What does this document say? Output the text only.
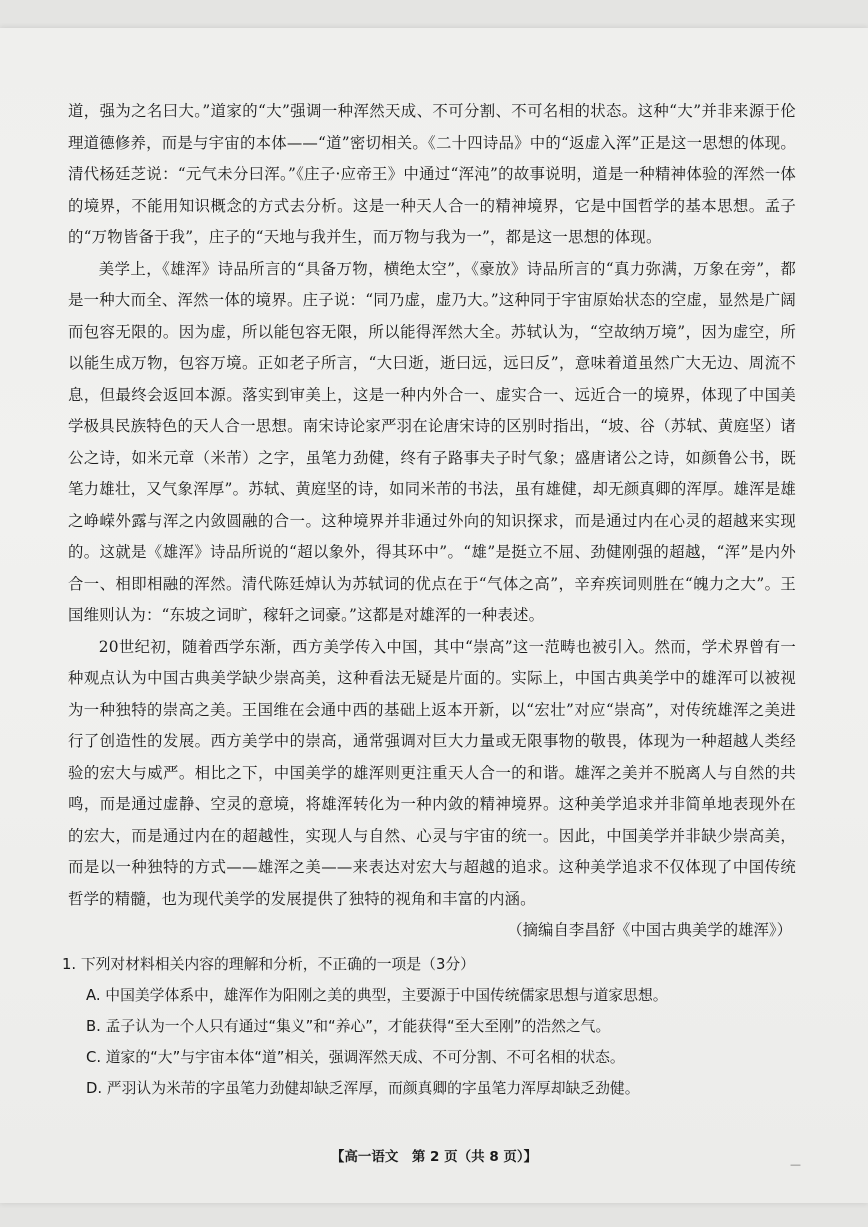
道，强为之名曰大。”道家的“大”强调一种浑然天成、不可分割、不可名相的状态。这种“大”并非来源于伦理道德修养，而是与宇宙的本体——“道”密切相关。《二十四诗品》中的“返虚入浑”正是这一思想的体现。清代杨廷芝说：“元气未分曰浑。”《庄子·应帝王》中通过“浑沌”的故事说明，道是一种精神体验的浑然一体的境界，不能用知识概念的方式去分析。这是一种天人合一的精神境界，它是中国哲学的基本思想。孟子的“万物皆备于我”，庄子的“天地与我并生，而万物与我为一”，都是这一思想的体现。

美学上，《雄浑》诗品所言的“具备万物，横绝太空”，《豪放》诗品所言的“真力弥满，万象在旁”，都是一种大而全、浑然一体的境界。庄子说：“同乃虚，虚乃大。”这种同于宇宙原始状态的空虚，显然是广阔而包容无限的。因为虚，所以能包容无限，所以能得浑然大全。苏轼认为，“空故纳万境”，因为虚空，所以能生成万物，包容万境。正如老子所言，“大曰逝，逝曰远，远曰反”，意味着道虽然广大无边、周流不息，但最终会返回本源。落实到审美上，这是一种内外合一、虚实合一、远近合一的境界，体现了中国美学极具民族特色的天人合一思想。南宋诗论家严羽在论唐宋诗的区别时指出，“坡、谷（苏轼、黄庭坚）诸公之诗，如米元章（米芾）之字，虽笔力劲健，终有子路事夫子时气象；盛唐诸公之诗，如颜鲁公书，既笔力雄壮，又气象浑厚”。苏轼、黄庭坚的诗，如同米芾的书法，虽有雄健，却无颜真卿的浑厚。雄浑是雄之峥嵘外露与浑之内敛圆融的合一。这种境界并非通过外向的知识探求，而是通过内在心灵的超越来实现的。这就是《雄浑》诗品所说的“超以象外，得其环中”。“雄”是挺立不屈、劲健刚强的超越，“浑”是内外合一、相即相融的浑然。清代陈廷焯认为苏轼词的优点在于“气体之高”，辛弃疾词则胜在“魄力之大”。王国维则认为：“东坡之词旷，稼轩之词豪。”这都是对雄浑的一种表述。

20世纪初，随着西学东渐，西方美学传入中国，其中“崇高”这一范畴也被引入。然而，学术界曾有一种观点认为中国古典美学缺少崇高美，这种看法无疑是片面的。实际上，中国古典美学中的雄浑可以被视为一种独特的崇高之美。王国维在会通中西的基础上返本开新，以“宏壮”对应“崇高”，对传统雄浑之美进行了创造性的发展。西方美学中的崇高，通常强调对巨大力量或无限事物的敬畏，体现为一种超越人类经验的宏大与威严。相比之下，中国美学的雄浑则更注重天人合一的和谐。雄浑之美并不脱离人与自然的共鸣，而是通过虚静、空灵的意境，将雄浑转化为一种内敛的精神境界。这种美学追求并非简单地表现外在的宏大，而是通过内在的超越性，实现人与自然、心灵与宇宙的统一。因此，中国美学并非缺少崇高美，而是以一种独特的方式——雄浑之美——来表达对宏大与超越的追求。这种美学追求不仅体现了中国传统哲学的精髓，也为现代美学的发展提供了独特的视角和丰富的内涵。

（摘编自李昌舒《中国古典美学的雄浑》）

1. 下列对材料相关内容的理解和分析，不正确的一项是（3分）

A. 中国美学体系中，雄浑作为阳刚之美的典型，主要源于中国传统儒家思想与道家思想。

B. 孟子认为一个人只有通过“集义”和“养心”，才能获得“至大至刚”的浩然之气。

C. 道家的“大”与宇宙本体“道”相关，强调浑然天成、不可分割、不可名相的状态。

D. 严羽认为米芾的字虽笔力劲健却缺乏浑厚，而颜真卿的字虽笔力浑厚却缺乏劲健。

【高一语文　第 2 页（共 8 页）】	—
